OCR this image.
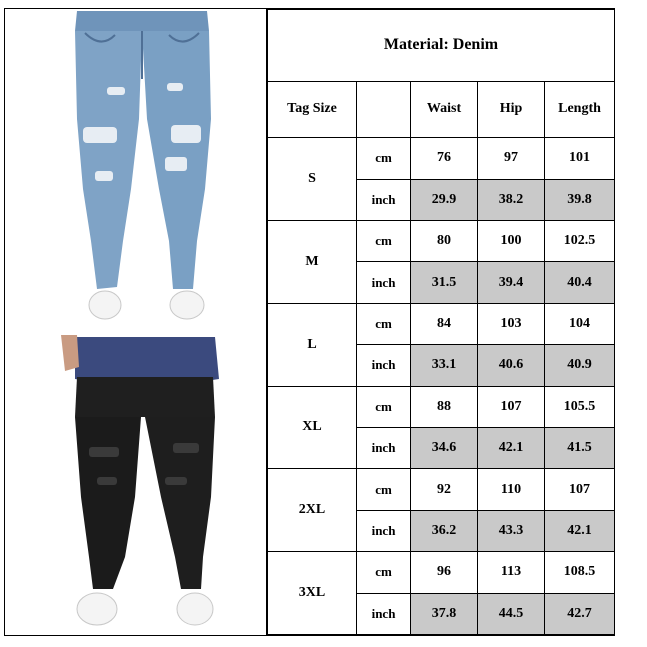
Material: Denim				
Tag Size		Waist	Hip	Length
S	cm	76	97	101
	inch	29.9	38.2	39.8
M	cm	80	100	102.5
	inch	31.5	39.4	40.4
L	cm	84	103	104
	inch	33.1	40.6	40.9
XL	cm	88	107	105.5
	inch	34.6	42.1	41.5
2XL	cm	92	110	107
	inch	36.2	43.3	42.1
3XL	cm	96	113	108.5
	inch	37.8	44.5	42.7
